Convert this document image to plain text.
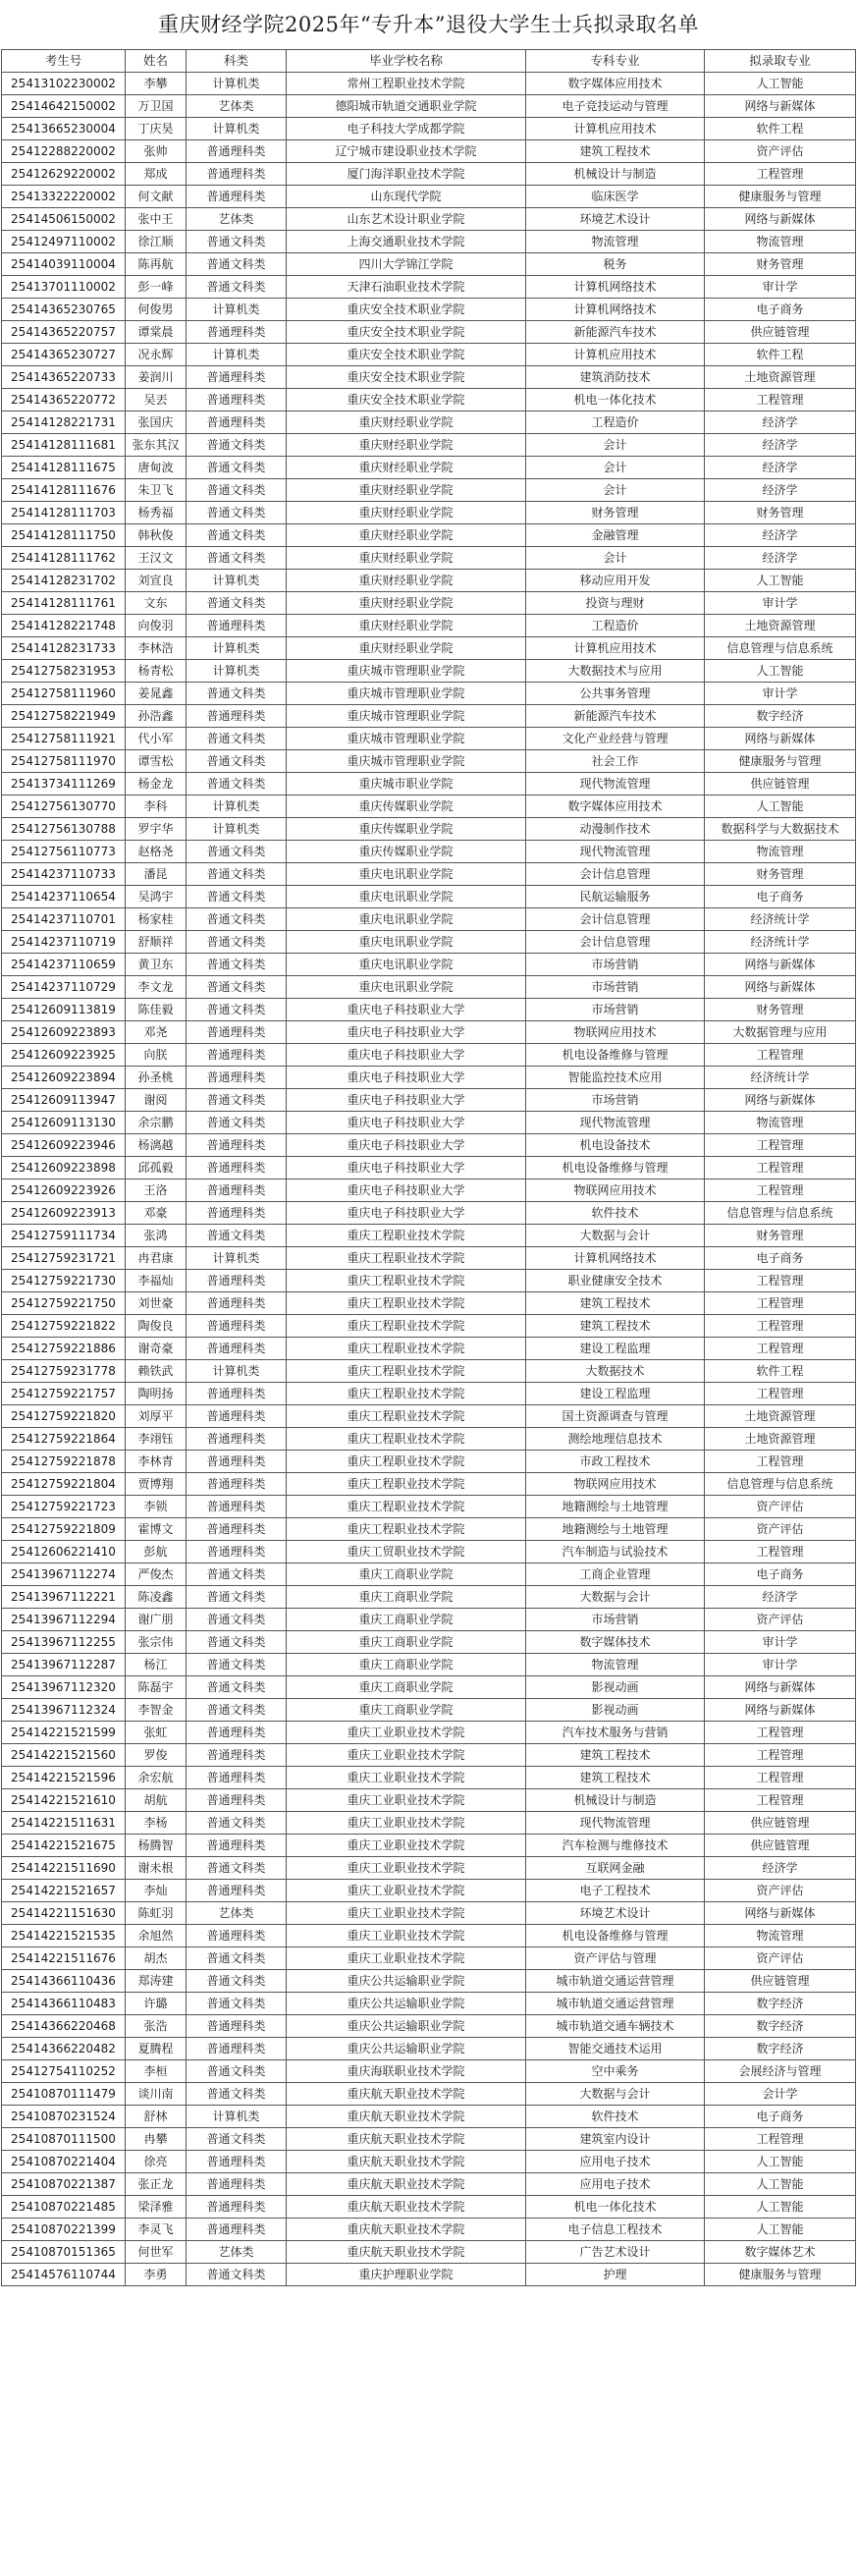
重庆财经学院2025年“专升本”退役大学生士兵拟录取名单
考生号	姓名	科类	毕业学校名称	专科专业	拟录取专业
25413102230002	李攀	计算机类	常州工程职业技术学院	数字媒体应用技术	人工智能
25414642150002	万卫国	艺体类	德阳城市轨道交通职业学院	电子竞技运动与管理	网络与新媒体
25413665230004	丁庆昊	计算机类	电子科技大学成都学院	计算机应用技术	软件工程
25412288220002	张帅	普通理科类	辽宁城市建设职业技术学院	建筑工程技术	资产评估
25412629220002	郑成	普通理科类	厦门海洋职业技术学院	机械设计与制造	工程管理
25413322220002	何文献	普通理科类	山东现代学院	临床医学	健康服务与管理
25414506150002	张中王	艺体类	山东艺术设计职业学院	环境艺术设计	网络与新媒体
25412497110002	徐江顺	普通文科类	上海交通职业技术学院	物流管理	物流管理
25414039110004	陈再航	普通文科类	四川大学锦江学院	税务	财务管理
25413701110002	彭一峰	普通文科类	天津石油职业技术学院	计算机网络技术	审计学
25414365230765	何俊男	计算机类	重庆安全技术职业学院	计算机网络技术	电子商务
25414365220757	谭棠晨	普通理科类	重庆安全技术职业学院	新能源汽车技术	供应链管理
25414365230727	况永辉	计算机类	重庆安全技术职业学院	计算机应用技术	软件工程
25414365220733	姜润川	普通理科类	重庆安全技术职业学院	建筑消防技术	土地资源管理
25414365220772	吴丟	普通理科类	重庆安全技术职业学院	机电一体化技术	工程管理
25414128221731	张国庆	普通理科类	重庆财经职业学院	工程造价	经济学
25414128111681	张东其汉	普通文科类	重庆财经职业学院	会计	经济学
25414128111675	唐甸波	普通文科类	重庆财经职业学院	会计	经济学
25414128111676	朱卫飞	普通文科类	重庆财经职业学院	会计	经济学
25414128111703	杨秀福	普通文科类	重庆财经职业学院	财务管理	财务管理
25414128111750	韩秋俊	普通文科类	重庆财经职业学院	金融管理	经济学
25414128111762	王汉文	普通文科类	重庆财经职业学院	会计	经济学
25414128231702	刘宣良	计算机类	重庆财经职业学院	移动应用开发	人工智能
25414128111761	文东	普通文科类	重庆财经职业学院	投资与理财	审计学
25414128221748	向俊羽	普通理科类	重庆财经职业学院	工程造价	土地资源管理
25414128231733	李林浩	计算机类	重庆财经职业学院	计算机应用技术	信息管理与信息系统
25412758231953	杨青松	计算机类	重庆城市管理职业学院	大数据技术与应用	人工智能
25412758111960	姜晁鑫	普通文科类	重庆城市管理职业学院	公共事务管理	审计学
25412758221949	孙浩鑫	普通理科类	重庆城市管理职业学院	新能源汽车技术	数字经济
25412758111921	代小军	普通文科类	重庆城市管理职业学院	文化产业经营与管理	网络与新媒体
25412758111970	谭雪松	普通文科类	重庆城市管理职业学院	社会工作	健康服务与管理
25413734111269	杨金龙	普通文科类	重庆城市职业学院	现代物流管理	供应链管理
25412756130770	李科	计算机类	重庆传媒职业学院	数字媒体应用技术	人工智能
25412756130788	罗宇华	计算机类	重庆传媒职业学院	动漫制作技术	数据科学与大数据技术
25412756110773	赵格尧	普通文科类	重庆传媒职业学院	现代物流管理	物流管理
25414237110733	潘昆	普通文科类	重庆电讯职业学院	会计信息管理	财务管理
25414237110654	吴鸿宇	普通文科类	重庆电讯职业学院	民航运输服务	电子商务
25414237110701	杨家桂	普通文科类	重庆电讯职业学院	会计信息管理	经济统计学
25414237110719	舒顺祥	普通文科类	重庆电讯职业学院	会计信息管理	经济统计学
25414237110659	黄卫东	普通文科类	重庆电讯职业学院	市场营销	网络与新媒体
25414237110729	李文龙	普通文科类	重庆电讯职业学院	市场营销	网络与新媒体
25412609113819	陈佳毅	普通文科类	重庆电子科技职业大学	市场营销	财务管理
25412609223893	邓尧	普通理科类	重庆电子科技职业大学	物联网应用技术	大数据管理与应用
25412609223925	向朕	普通理科类	重庆电子科技职业大学	机电设备维修与管理	工程管理
25412609223894	孙圣桃	普通理科类	重庆电子科技职业大学	智能监控技术应用	经济统计学
25412609113947	谢阅	普通文科类	重庆电子科技职业大学	市场营销	网络与新媒体
25412609113130	余宗鹏	普通文科类	重庆电子科技职业大学	现代物流管理	物流管理
25412609223946	杨漓越	普通理科类	重庆电子科技职业大学	机电设备技术	工程管理
25412609223898	邱孤毅	普通理科类	重庆电子科技职业大学	机电设备维修与管理	工程管理
25412609223926	王洛	普通理科类	重庆电子科技职业大学	物联网应用技术	工程管理
25412609223913	邓豪	普通理科类	重庆电子科技职业大学	软件技术	信息管理与信息系统
25412759111734	张鸿	普通文科类	重庆工程职业技术学院	大数据与会计	财务管理
25412759231721	冉君康	计算机类	重庆工程职业技术学院	计算机网络技术	电子商务
25412759221730	李福灿	普通理科类	重庆工程职业技术学院	职业健康安全技术	工程管理
25412759221750	刘世豪	普通理科类	重庆工程职业技术学院	建筑工程技术	工程管理
25412759221822	陶俊良	普通理科类	重庆工程职业技术学院	建筑工程技术	工程管理
25412759221886	谢奇豪	普通理科类	重庆工程职业技术学院	建设工程监理	工程管理
25412759231778	赖铁武	计算机类	重庆工程职业技术学院	大数据技术	软件工程
25412759221757	陶明扬	普通理科类	重庆工程职业技术学院	建设工程监理	工程管理
25412759221820	刘厚平	普通理科类	重庆工程职业技术学院	国土资源调查与管理	土地资源管理
25412759221864	李翊钰	普通理科类	重庆工程职业技术学院	测绘地理信息技术	土地资源管理
25412759221878	李林青	普通理科类	重庆工程职业技术学院	市政工程技术	工程管理
25412759221804	贾博翔	普通理科类	重庆工程职业技术学院	物联网应用技术	信息管理与信息系统
25412759221723	李锁	普通理科类	重庆工程职业技术学院	地籍测绘与土地管理	资产评估
25412759221809	霍博文	普通理科类	重庆工程职业技术学院	地籍测绘与土地管理	资产评估
25412606221410	彭航	普通理科类	重庆工贸职业技术学院	汽车制造与试验技术	工程管理
25413967112274	严俊杰	普通文科类	重庆工商职业学院	工商企业管理	电子商务
25413967112221	陈凌鑫	普通文科类	重庆工商职业学院	大数据与会计	经济学
25413967112294	谢广朋	普通文科类	重庆工商职业学院	市场营销	资产评估
25413967112255	张宗伟	普通文科类	重庆工商职业学院	数字媒体技术	审计学
25413967112287	杨江	普通文科类	重庆工商职业学院	物流管理	审计学
25413967112320	陈磊宇	普通文科类	重庆工商职业学院	影视动画	网络与新媒体
25413967112324	李智金	普通文科类	重庆工商职业学院	影视动画	网络与新媒体
25414221521599	张虹	普通理科类	重庆工业职业技术学院	汽车技术服务与营销	工程管理
25414221521560	罗俊	普通理科类	重庆工业职业技术学院	建筑工程技术	工程管理
25414221521596	余宏航	普通理科类	重庆工业职业技术学院	建筑工程技术	工程管理
25414221521610	胡航	普通理科类	重庆工业职业技术学院	机械设计与制造	工程管理
25414221511631	李杨	普通文科类	重庆工业职业技术学院	现代物流管理	供应链管理
25414221521675	杨腾智	普通理科类	重庆工业职业技术学院	汽车检测与维修技术	供应链管理
25414221511690	谢未根	普通文科类	重庆工业职业技术学院	互联网金融	经济学
25414221521657	李灿	普通理科类	重庆工业职业技术学院	电子工程技术	资产评估
25414221151630	陈虹羽	艺体类	重庆工业职业技术学院	环境艺术设计	网络与新媒体
25414221521535	余旭然	普通理科类	重庆工业职业技术学院	机电设备维修与管理	物流管理
25414221511676	胡杰	普通文科类	重庆工业职业技术学院	资产评估与管理	资产评估
25414366110436	郑涛建	普通文科类	重庆公共运输职业学院	城市轨道交通运营管理	供应链管理
25414366110483	许璐	普通文科类	重庆公共运输职业学院	城市轨道交通运营管理	数字经济
25414366220468	张浩	普通理科类	重庆公共运输职业学院	城市轨道交通车辆技术	数字经济
25414366220482	夏腾程	普通理科类	重庆公共运输职业学院	智能交通技术运用	数字经济
25412754110252	李桓	普通文科类	重庆海联职业技术学院	空中乘务	会展经济与管理
25410870111479	谈川南	普通文科类	重庆航天职业技术学院	大数据与会计	会计学
25410870231524	舒林	计算机类	重庆航天职业技术学院	软件技术	电子商务
25410870111500	冉攀	普通文科类	重庆航天职业技术学院	建筑室内设计	工程管理
25410870221404	徐亮	普通理科类	重庆航天职业技术学院	应用电子技术	人工智能
25410870221387	张正龙	普通理科类	重庆航天职业技术学院	应用电子技术	人工智能
25410870221485	梁泽雅	普通理科类	重庆航天职业技术学院	机电一体化技术	人工智能
25410870221399	李灵飞	普通理科类	重庆航天职业技术学院	电子信息工程技术	人工智能
25410870151365	何世军	艺体类	重庆航天职业技术学院	广告艺术设计	数字媒体艺术
25414576110744	李勇	普通文科类	重庆护理职业学院	护理	健康服务与管理
